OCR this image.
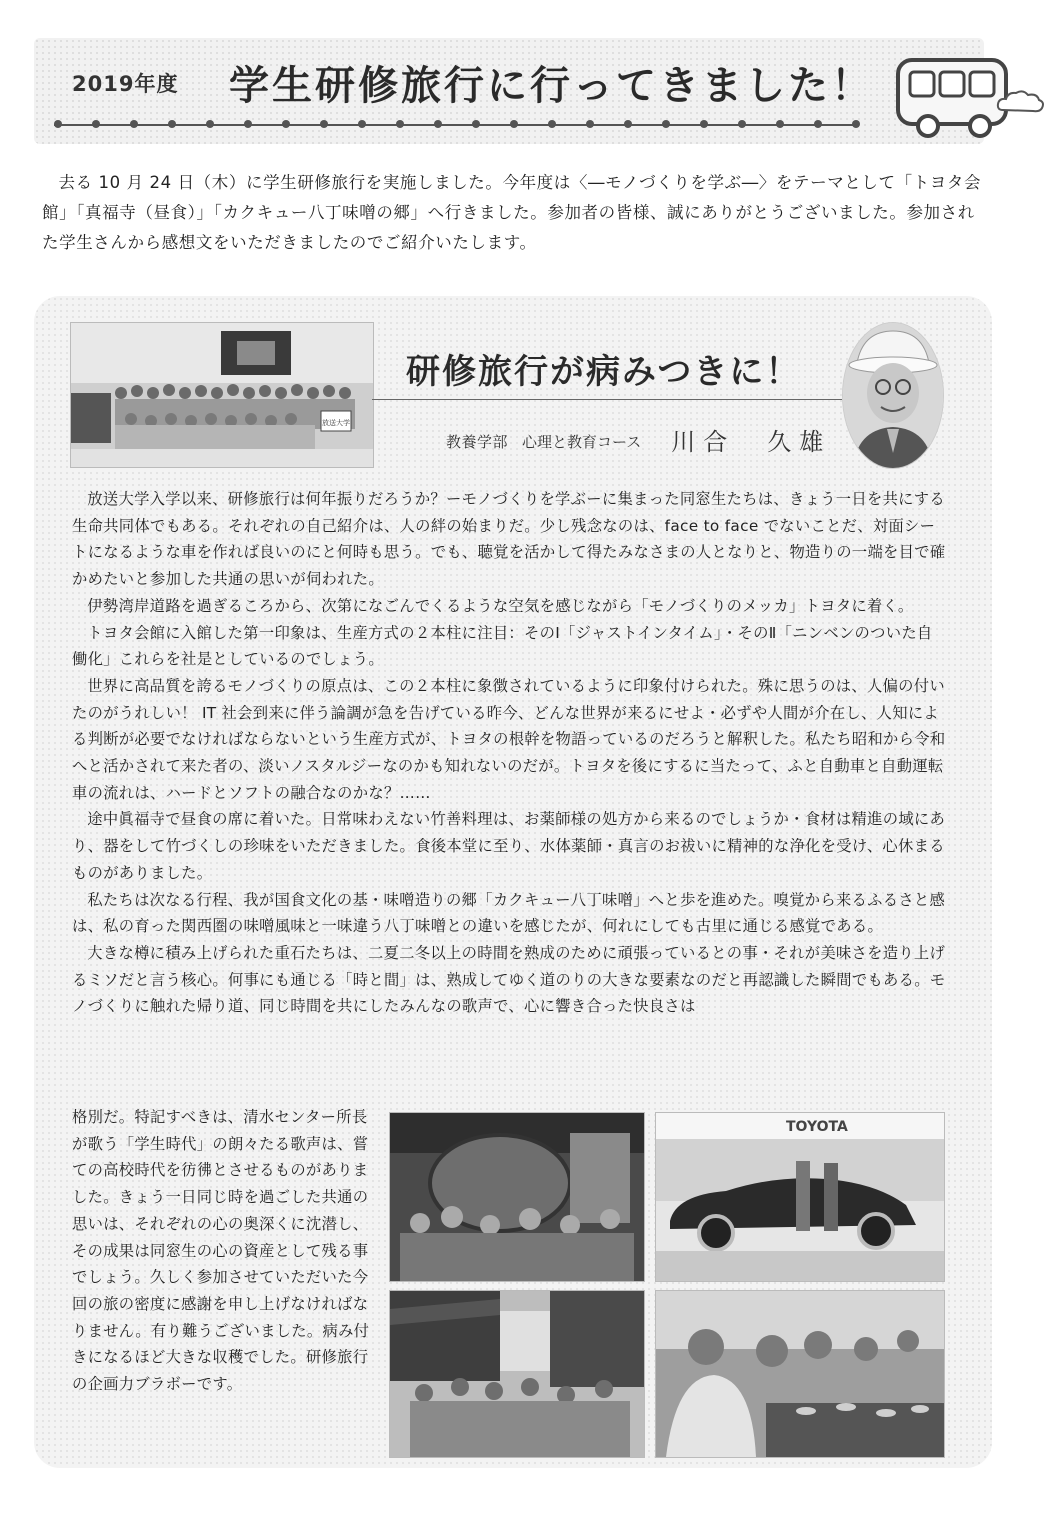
2019年度 学生研修旅行に行ってきました！
去る 10 月 24 日（木）に学生研修旅行を実施しました。今年度は〈―モノづくりを学ぶ―〉をテーマとして「トヨタ会館」「真福寺（昼食）」「カクキュー八丁味噌の郷」へ行きました。参加者の皆様、誠にありがとうございました。参加された学生さんから感想文をいただきましたのでご紹介いたします。
放送大学
研修旅行が病みつきに！
教養学部 心理と教育コース 川合　久雄

放送大学入学以来、研修旅行は何年振りだろうか？ーモノづくりを学ぶーに集まった同窓生たちは、きょう一日を共にする生命共同体でもある。それぞれの自己紹介は、人の絆の始まりだ。少し残念なのは、face to face でないことだ、対面シートになるような車を作れば良いのにと何時も思う。でも、聴覚を活かして得たみなさまの人となりと、物造りの一端を目で確かめたいと参加した共通の思いが伺われた。

伊勢湾岸道路を過ぎるころから、次第になごんでくるような空気を感じながら「モノづくりのメッカ」トヨタに着く。

トヨタ会館に入館した第一印象は、生産方式の２本柱に注目：そのⅠ「ジャストインタイム」・そのⅡ「ニンベンのついた自働化」これらを社是としているのでしょう。

世界に高品質を誇るモノづくりの原点は、この２本柱に象徴されているように印象付けられた。殊に思うのは、人偏の付いたのがうれしい！ IT 社会到来に伴う論調が急を告げている昨今、どんな世界が来るにせよ・必ずや人間が介在し、人知による判断が必要でなければならないという生産方式が、トヨタの根幹を物語っているのだろうと解釈した。私たち昭和から令和へと活かされて来た者の、淡いノスタルジーなのかも知れないのだが。トヨタを後にするに当たって、ふと自動車と自動運転車の流れは、ハードとソフトの融合なのかな？……

途中眞福寺で昼食の席に着いた。日常味わえない竹善料理は、お薬師様の処方から来るのでしょうか・食材は精進の域にあり、器をして竹づくしの珍味をいただきました。食後本堂に至り、水体薬師・真言のお祓いに精神的な浄化を受け、心休まるものがありました。

私たちは次なる行程、我が国食文化の基・味噌造りの郷「カクキュー八丁味噌」へと歩を進めた。嗅覚から来るふるさと感は、私の育った関西圏の味噌風味と一味違う八丁味噌との違いを感じたが、何れにしても古里に通じる感覚である。

大きな樽に積み上げられた重石たちは、二夏二冬以上の時間を熟成のために頑張っているとの事・それが美味さを造り上げるミソだと言う核心。何事にも通じる「時と間」は、熟成してゆく道のりの大きな要素なのだと再認識した瞬間でもある。モノづくりに触れた帰り道、同じ時間を共にしたみんなの歌声で、心に響き合った快良さは

格別だ。特記すべきは、清水センター所長が歌う「学生時代」の朗々たる歌声は、嘗ての高校時代を彷彿とさせるものがありました。きょう一日同じ時を過ごした共通の思いは、それぞれの心の奥深くに沈潜し、その成果は同窓生の心の資産として残る事でしょう。久しく参加させていただいた今回の旅の密度に感謝を申し上げなければなりません。有り難うございました。病み付きになるほど大きな収穫でした。研修旅行の企画力ブラボーです。
TOYOTA
